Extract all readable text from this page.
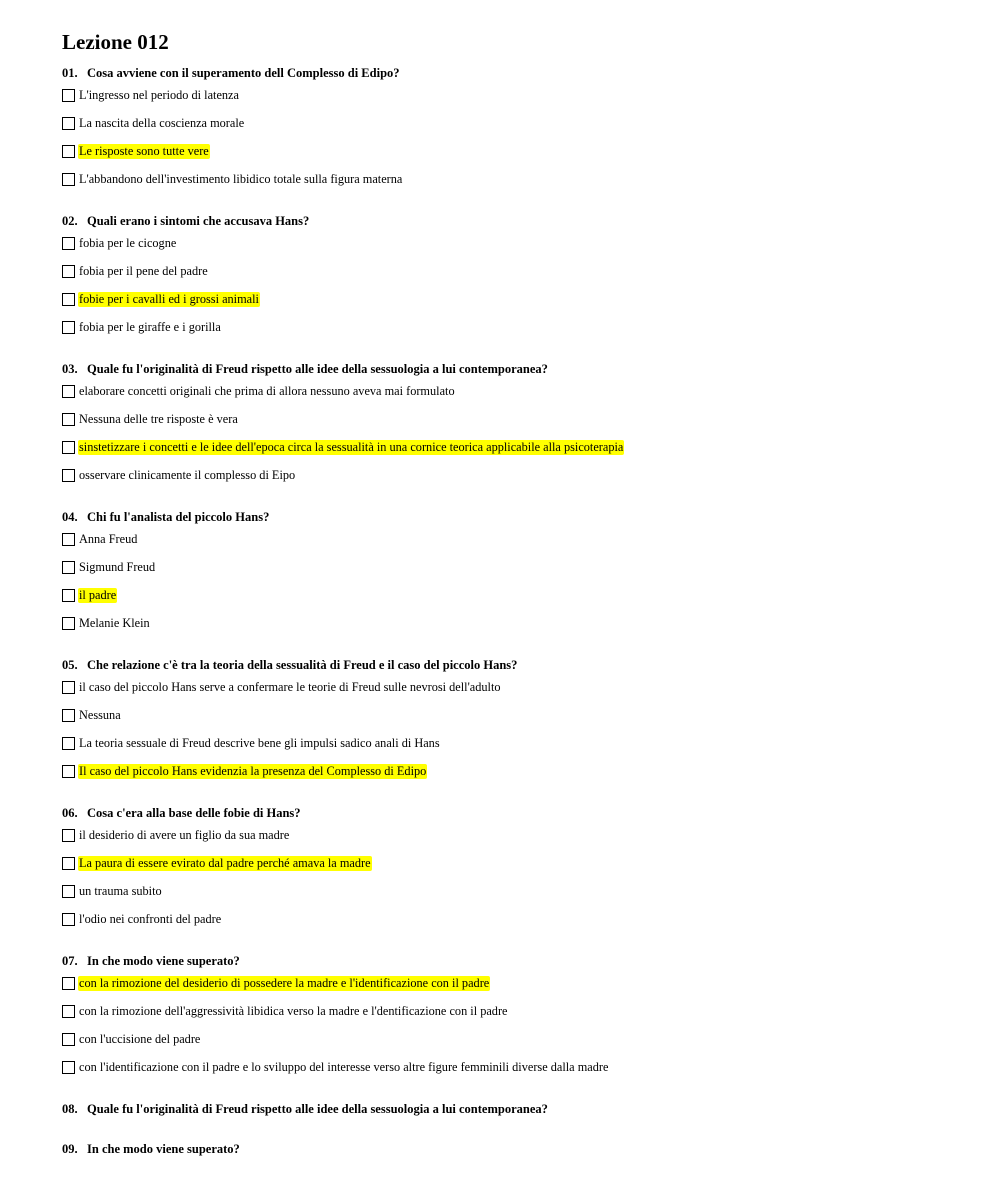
Lezione 012
01. Cosa avviene con il superamento dell Complesso di Edipo?
L'ingresso nel periodo di latenza
La nascita della coscienza morale
Le risposte sono tutte vere
L'abbandono dell'investimento libidico totale sulla figura materna
02. Quali erano i sintomi che accusava Hans?
fobia per le cicogne
fobia per il pene del padre
fobie per i cavalli ed i grossi animali
fobia per le giraffe e i gorilla
03. Quale fu l'originalità di Freud rispetto alle idee della sessuologia a lui contemporanea?
elaborare concetti originali che prima di allora nessuno aveva mai formulato
Nessuna delle tre risposte è vera
sinstetizzare i concetti e le idee dell'epoca circa la sessualità in una cornice teorica applicabile alla psicoterapia
osservare clinicamente il complesso di Eipo
04. Chi fu l'analista del piccolo Hans?
Anna Freud
Sigmund Freud
il padre
Melanie Klein
05. Che relazione c'è tra la teoria della sessualità di Freud e il caso del piccolo Hans?
il caso del piccolo Hans serve a confermare le teorie di Freud sulle nevrosi dell'adulto
Nessuna
La teoria sessuale di Freud descrive bene gli impulsi sadico anali di Hans
Il caso del piccolo Hans evidenzia la presenza del Complesso di Edipo
06. Cosa c'era alla base delle fobie di Hans?
il desiderio di avere un figlio da sua madre
La paura di essere evirato dal padre perché amava la madre
un trauma subito
l'odio nei confronti del padre
07. In che modo viene superato?
con la rimozione del desiderio di possedere la madre e l'identificazione con il padre
con la rimozione dell'aggressività libidica verso la madre e l'dentificazione con il padre
con l'uccisione del padre
con l'identificazione con il padre e lo sviluppo del interesse verso altre figure femminili diverse dalla madre
08. Quale fu l'originalità di Freud rispetto alle idee della sessuologia a lui contemporanea?
09. In che modo viene superato?
